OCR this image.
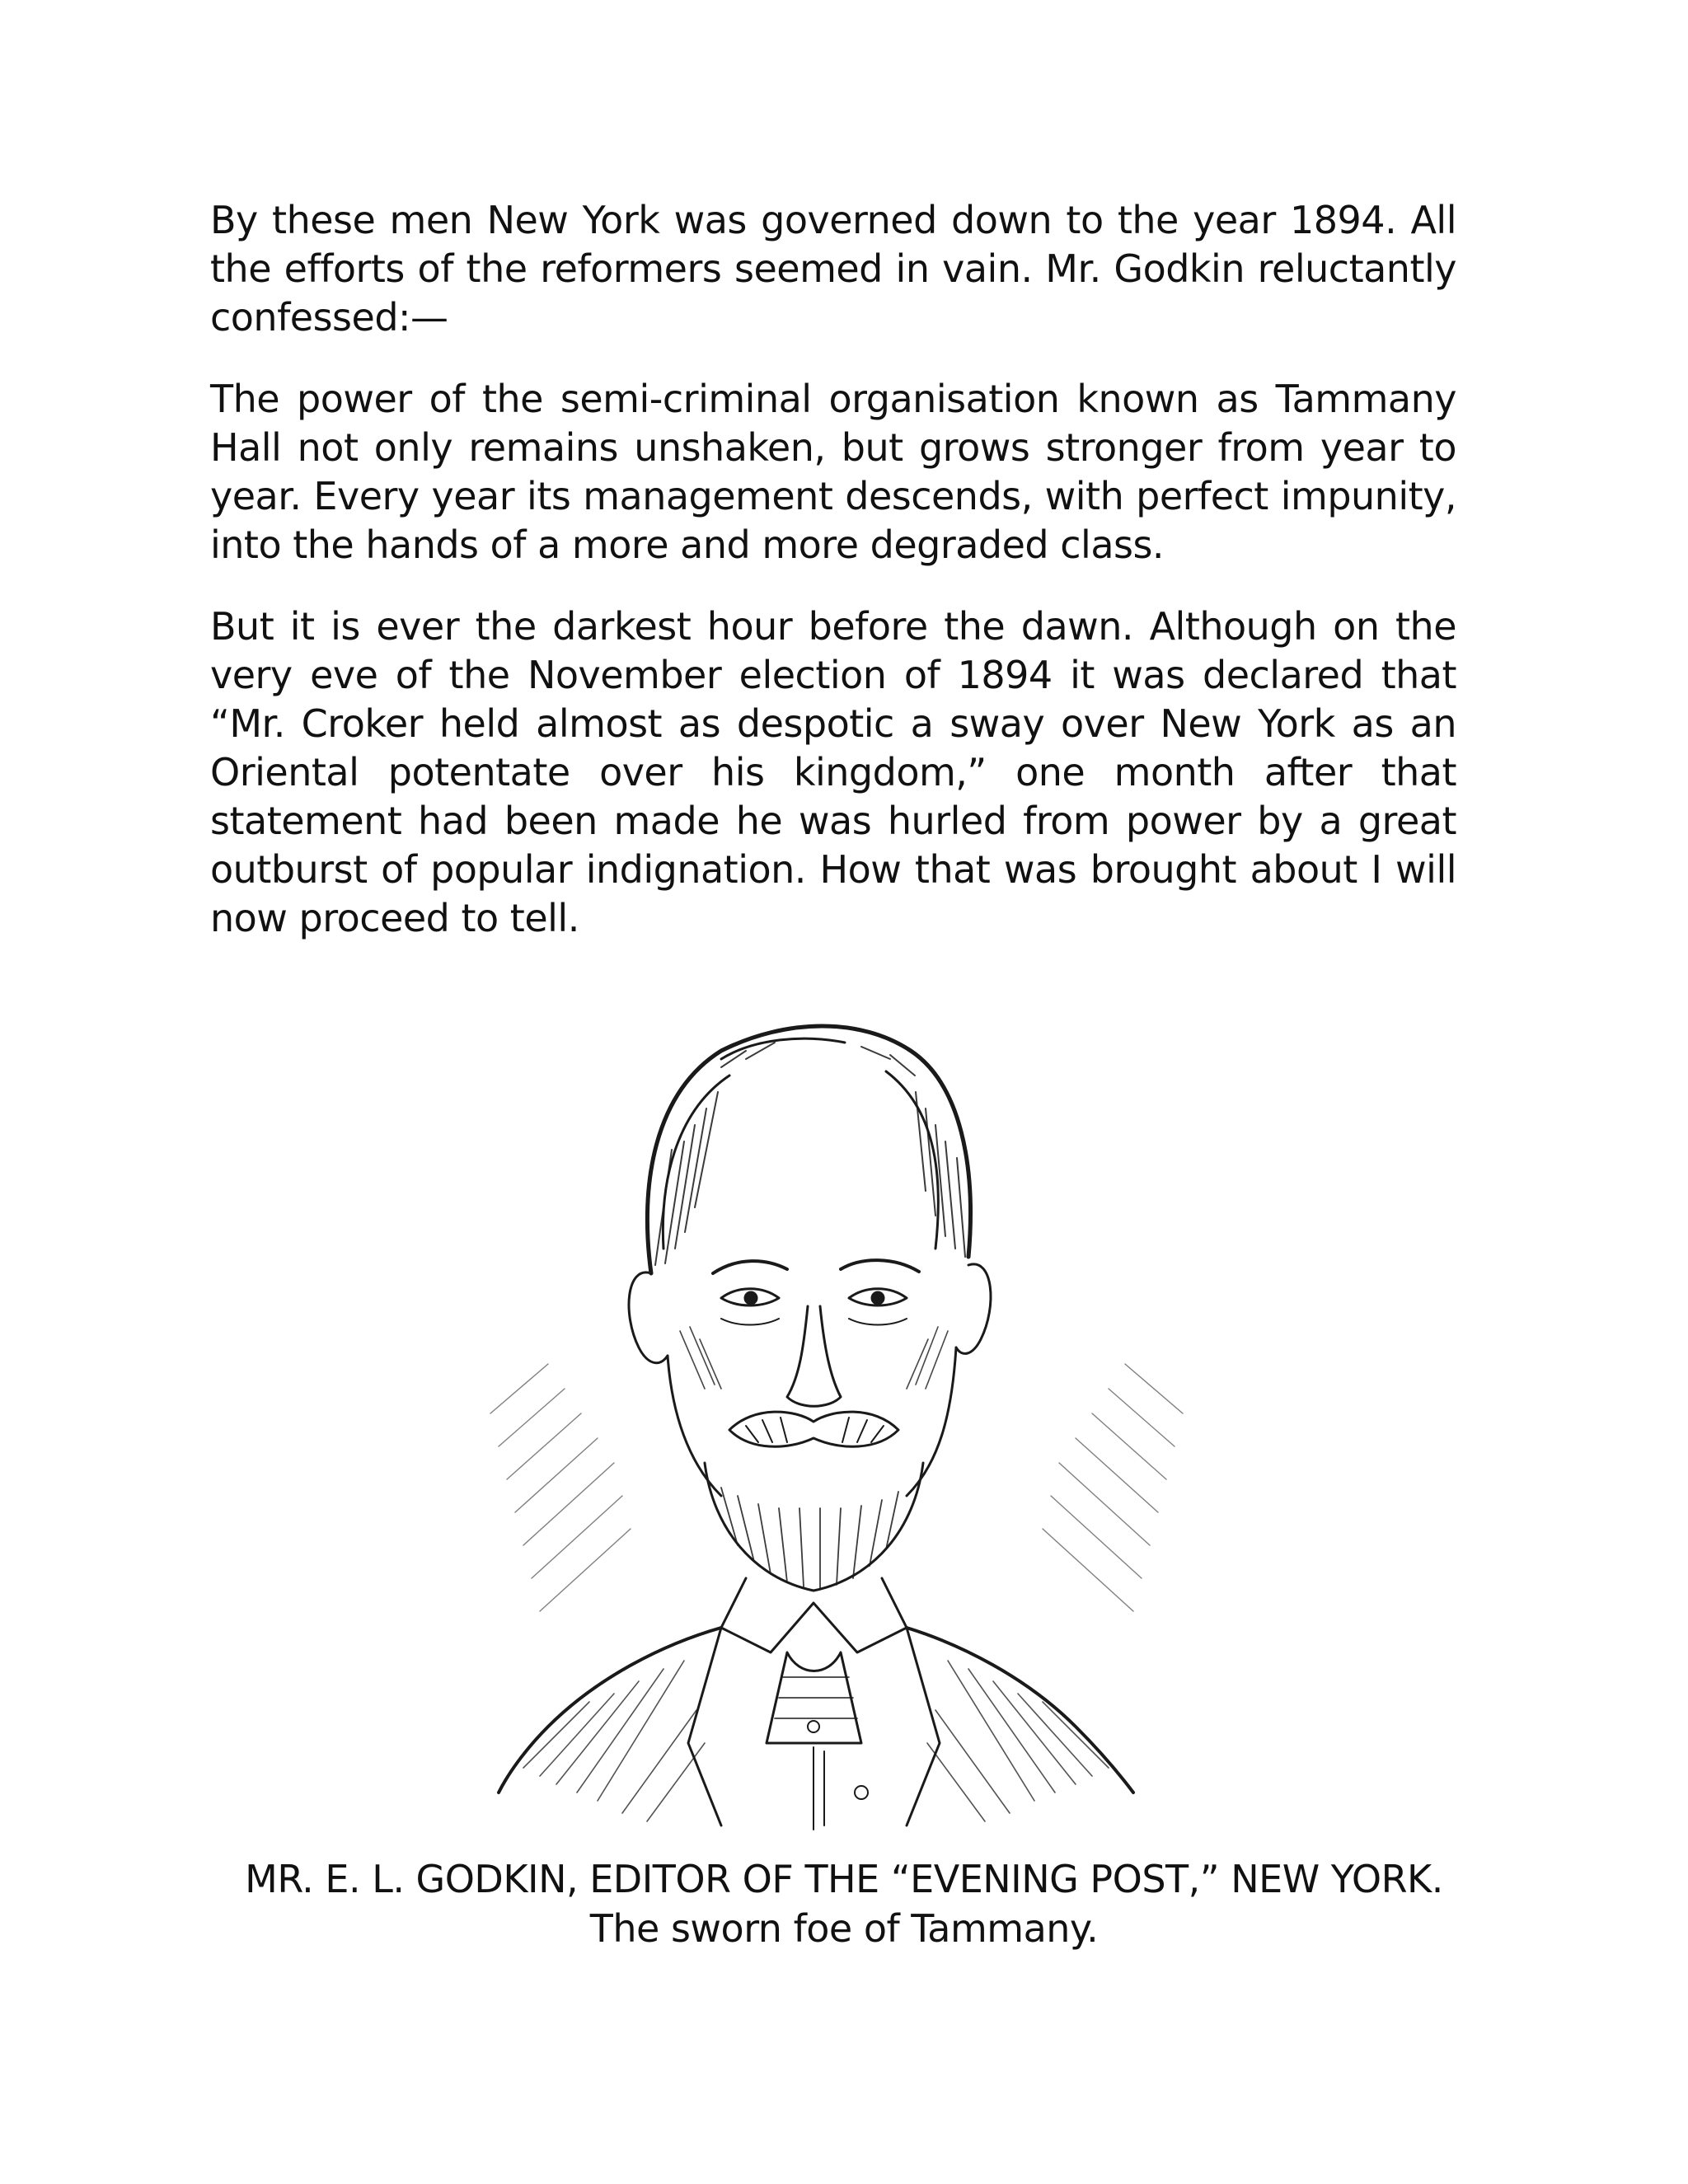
By these men New York was governed down to the year 1894. All the efforts of the reformers seemed in vain. Mr. Godkin reluctantly confessed:—

The power of the semi-criminal organisation known as Tammany Hall not only remains unshaken, but grows stronger from year to year. Every year its management descends, with perfect impunity, into the hands of a more and more degraded class.

But it is ever the darkest hour before the dawn. Although on the very eve of the November election of 1894 it was declared that “Mr. Croker held almost as despotic a sway over New York as an Oriental potentate over his kingdom,” one month after that statement had been made he was hurled from power by a great outburst of popular indignation. How that was brought about I will now proceed to tell.

MR. E. L. GODKIN, EDITOR OF THE “EVENING POST,” NEW YORK.
The sworn foe of Tammany.
